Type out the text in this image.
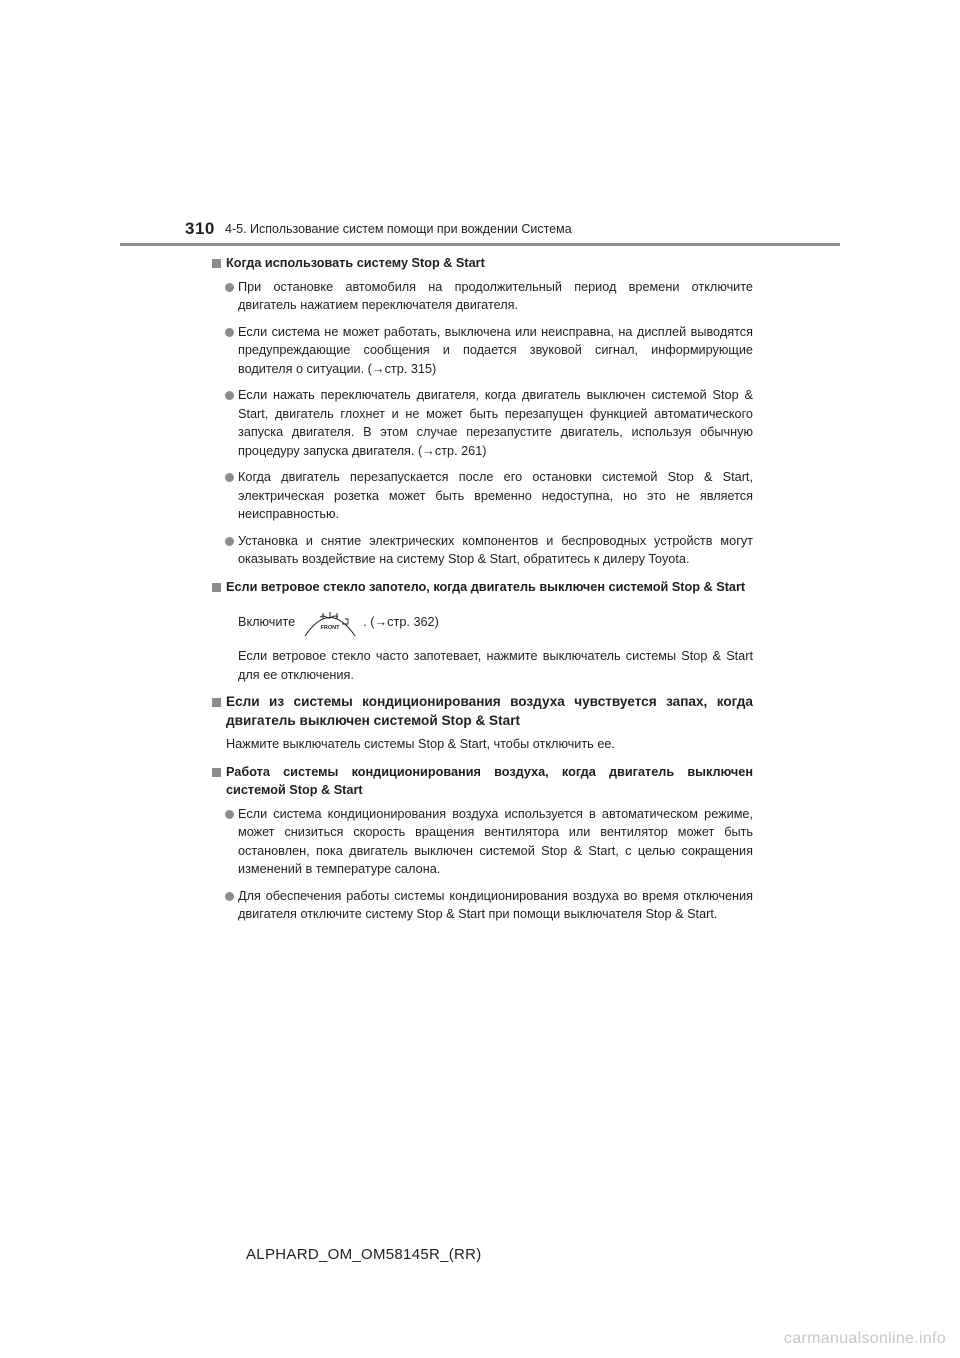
310 4-5. Использование систем помощи при вождении Система
Когда использовать систему Stop & Start
При остановке автомобиля на продолжительный период времени отключите двигатель нажатием переключателя двигателя.
Если система не может работать, выключена или неисправна, на дисплей выводятся предупреждающие сообщения и подается звуковой сигнал, информирующие водителя о ситуации. (→стр. 315)
Если нажать переключатель двигателя, когда двигатель выключен системой Stop & Start, двигатель глохнет и не может быть перезапущен функцией автоматического запуска двигателя. В этом случае перезапустите двигатель, используя обычную процедуру запуска двигателя. (→стр. 261)
Когда двигатель перезапускается после его остановки системой Stop & Start, электрическая розетка может быть временно недоступна, но это не является неисправностью.
Установка и снятие электрических компонентов и беспроводных устройств могут оказывать воздействие на систему Stop & Start, обратитесь к дилеру Toyota.
Если ветровое стекло запотело, когда двигатель выключен системой Stop & Start
Включите	FRONT . (→стр. 362)
Если ветровое стекло часто запотевает, нажмите выключатель системы Stop & Start для ее отключения.
Если из системы кондиционирования воздуха чувствуется запах, когда двигатель выключен системой Stop & Start
Нажмите выключатель системы Stop & Start, чтобы отключить ее.
Работа системы кондиционирования воздуха, когда двигатель выключен системой Stop & Start
Если система кондиционирования воздуха используется в автоматическом режиме, может снизиться скорость вращения вентилятора или вентилятор может быть остановлен, пока двигатель выключен системой Stop & Start, с целью сокращения изменений в температуре салона.
Для обеспечения работы системы кондиционирования воздуха во время отключения двигателя отключите систему Stop & Start при помощи выключателя Stop & Start.
ALPHARD_OM_OM58145R_(RR)
carmanualsonline.info
